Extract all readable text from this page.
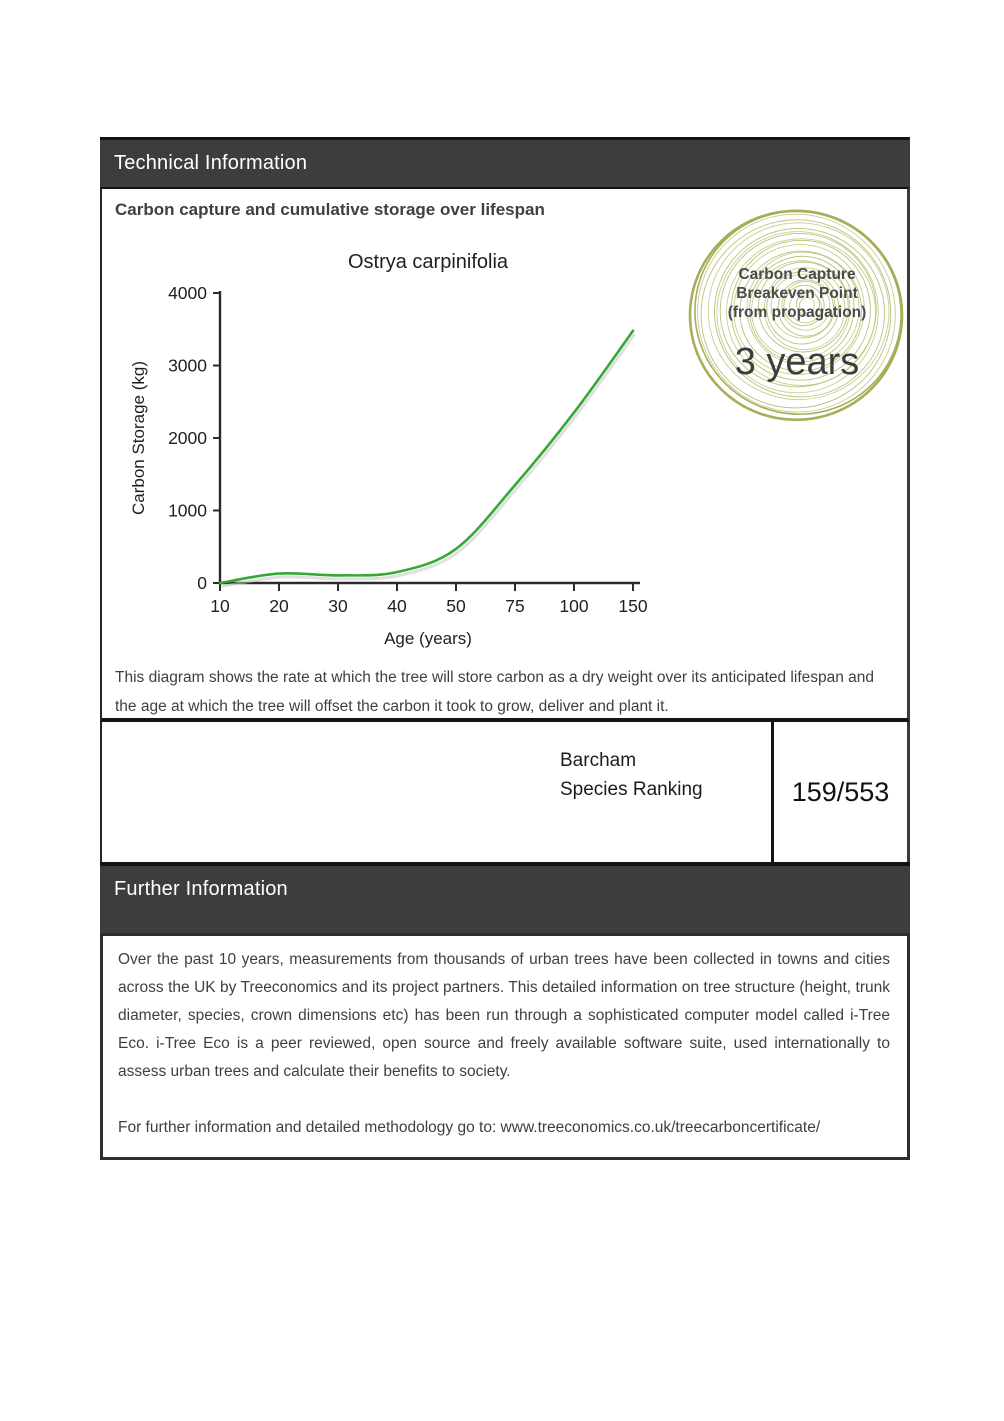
Technical Information
Carbon capture and cumulative storage over lifespan
Ostrya carpinifolia
0
1000
2000
3000
4000
10 20 30 40 50 75 100 150
Carbon Storage (kg)
Age (years)
Carbon Capture
Breakeven Point
(from propagation)
3 years
This diagram shows the rate at which the tree will store carbon as a dry weight over its anticipated lifespan and the age at which the tree will offset the carbon it took to grow, deliver and plant it.
Barcham
Species Ranking	159/553
Further Information

Over the past 10 years, measurements from thousands of urban trees have been collected in towns and cities across the UK by Treeconomics and its project partners. This detailed information on tree structure (height, trunk diameter, species, crown dimensions etc) has been run through a sophisticated computer model called i-Tree Eco. i-Tree Eco is a peer reviewed, open source and freely available software suite, used internationally to assess urban trees and calculate their benefits to society.

For further information and detailed methodology go to: www.treeconomics.co.uk/treecarboncertificate/
